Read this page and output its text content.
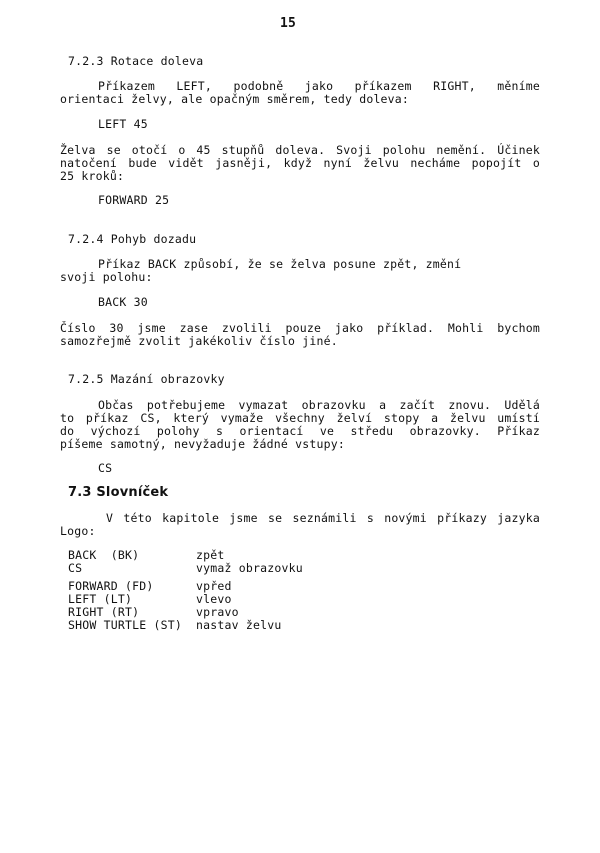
15
7.2.3 Rotace doleva
Příkazem LEFT, podobně jako příkazem RIGHT, měníme
orientaci želvy, ale opačným směrem, tedy doleva:
LEFT 45
Želva se otočí o 45 stupňů doleva. Svoji polohu nemění. Účinek
natočení bude vidět jasněji, když nyní želvu necháme popojít o
25 kroků:
FORWARD 25
7.2.4 Pohyb dozadu
Příkaz BACK způsobí, že se želva posune zpět, změní
svoji polohu:
BACK 30
Číslo 30 jsme zase zvolili pouze jako příklad. Mohli bychom
samozřejmě zvolit jakékoliv číslo jiné.
7.2.5 Mazání obrazovky
Občas potřebujeme vymazat obrazovku a začít znovu. Udělá
to příkaz CS, který vymaže všechny želví stopy a želvu umístí
do výchozí polohy s orientací ve středu obrazovky. Příkaz
píšeme samotný, nevyžaduje žádné vstupy:
CS
7.3 Slovníček
V této kapitole jsme se seznámili s novými příkazy jazyka
Logo:
BACK  (BK)	zpět
CS	vymaž obrazovku
FORWARD (FD)	vpřed
LEFT (LT)	vlevo
RIGHT (RT)	vpravo
SHOW TURTLE (ST)	nastav želvu
